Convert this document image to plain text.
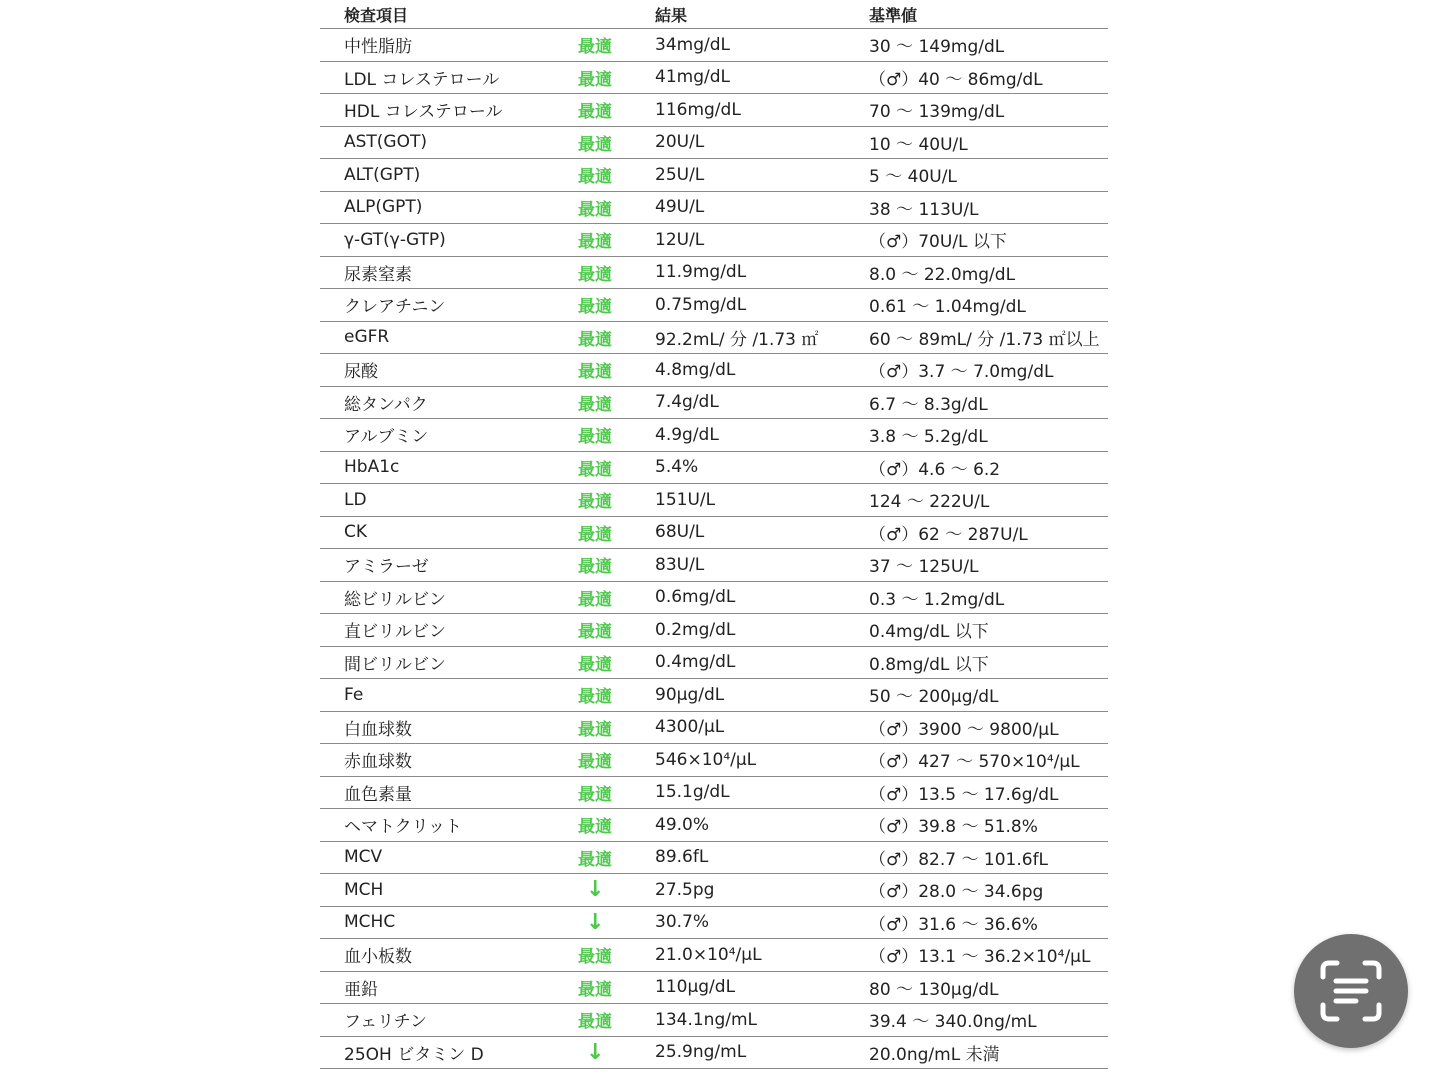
検査項目		結果	基準値
中性脂肪	最適	34mg/dL	30 ～ 149mg/dL
LDL コレステロール	最適	41mg/dL	（♂）40 ～ 86mg/dL
HDL コレステロール	最適	116mg/dL	70 ～ 139mg/dL
AST(GOT)	最適	20U/L	10 ～ 40U/L
ALT(GPT)	最適	25U/L	5 ～ 40U/L
ALP(GPT)	最適	49U/L	38 ～ 113U/L
γ-GT(γ-GTP)	最適	12U/L	（♂）70U/L 以下
尿素窒素	最適	11.9mg/dL	8.0 ～ 22.0mg/dL
クレアチニン	最適	0.75mg/dL	0.61 ～ 1.04mg/dL
eGFR	最適	92.2mL/ 分 /1.73 ㎡	60 ～ 89mL/ 分 /1.73 ㎡以上
尿酸	最適	4.8mg/dL	（♂）3.7 ～ 7.0mg/dL
総タンパク	最適	7.4g/dL	6.7 ～ 8.3g/dL
アルブミン	最適	4.9g/dL	3.8 ～ 5.2g/dL
HbA1c	最適	5.4%	（♂）4.6 ～ 6.2
LD	最適	151U/L	124 ～ 222U/L
CK	最適	68U/L	（♂）62 ～ 287U/L
アミラーゼ	最適	83U/L	37 ～ 125U/L
総ビリルビン	最適	0.6mg/dL	0.3 ～ 1.2mg/dL
直ビリルビン	最適	0.2mg/dL	0.4mg/dL 以下
間ビリルビン	最適	0.4mg/dL	0.8mg/dL 以下
Fe	最適	90μg/dL	50 ～ 200μg/dL
白血球数	最適	4300/μL	（♂）3900 ～ 9800/μL
赤血球数	最適	546×10⁴/μL	（♂）427 ～ 570×10⁴/μL
血色素量	最適	15.1g/dL	（♂）13.5 ～ 17.6g/dL
ヘマトクリット	最適	49.0%	（♂）39.8 ～ 51.8%
MCV	最適	89.6fL	（♂）82.7 ～ 101.6fL
MCH	↓	27.5pg	（♂）28.0 ～ 34.6pg
MCHC	↓	30.7%	（♂）31.6 ～ 36.6%
血小板数	最適	21.0×10⁴/μL	（♂）13.1 ～ 36.2×10⁴/μL
亜鉛	最適	110μg/dL	80 ～ 130μg/dL
フェリチン	最適	134.1ng/mL	39.4 ～ 340.0ng/mL
25OH ビタミン D	↓	25.9ng/mL	20.0ng/mL 未満
